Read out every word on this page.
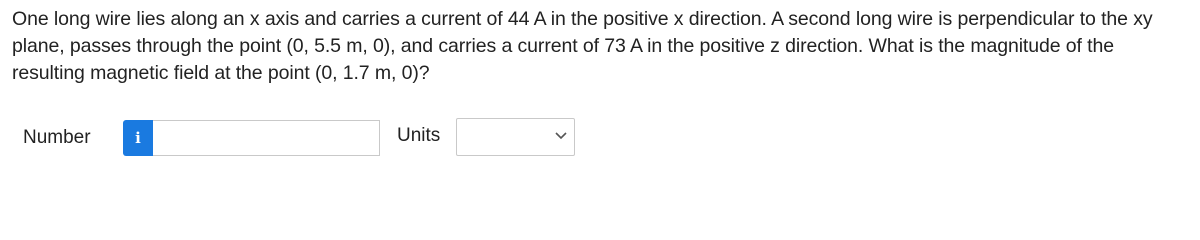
One long wire lies along an x axis and carries a current of 44 A in the positive x direction. A second long wire is perpendicular to the xy plane, passes through the point (0, 5.5 m, 0), and carries a current of 73 A in the positive z direction. What is the magnitude of the resulting magnetic field at the point (0, 1.7 m, 0)?

Number	i	Units
